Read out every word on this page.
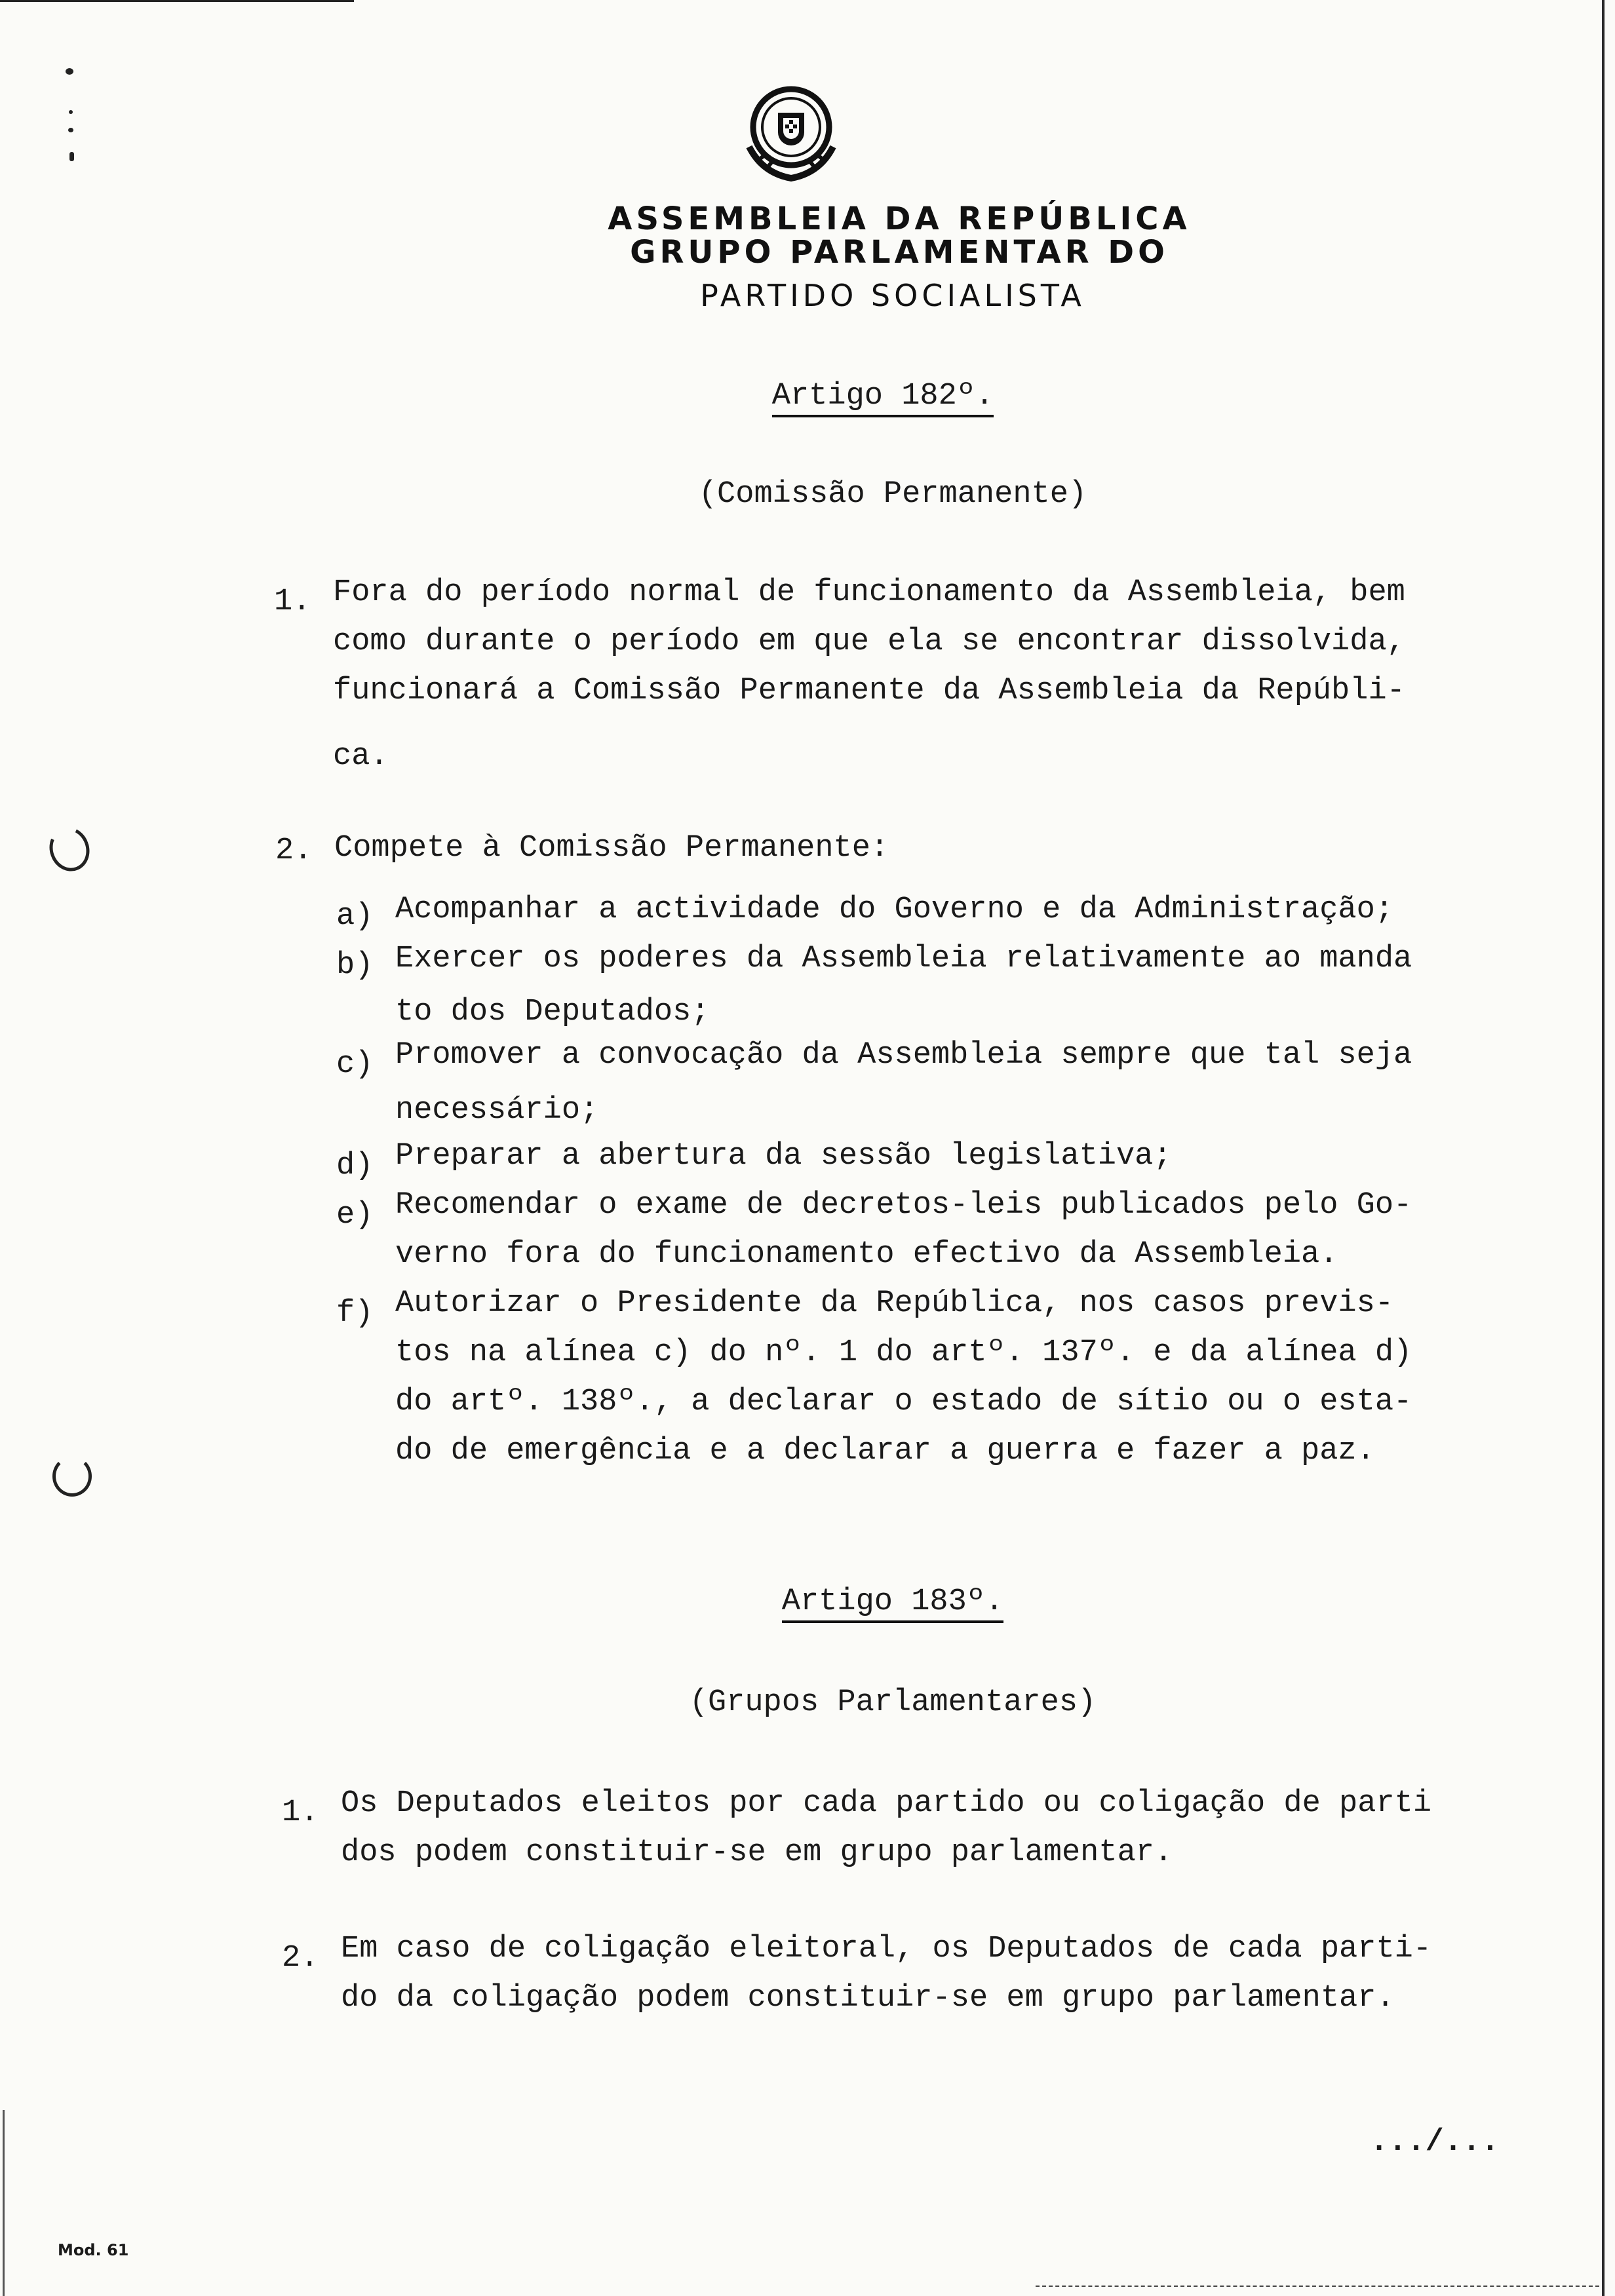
ASSEMBLEIA DA REPÚBLICA
GRUPO PARLAMENTAR DO
PARTIDO SOCIALISTA
Artigo 182º.
(Comissão Permanente)
1. Fora do período normal de funcionamento da Assembleia, bem
como durante o período em que ela se encontrar dissolvida,
funcionará a Comissão Permanente da Assembleia da Repúbli-
ca.
2. Compete à Comissão Permanente:
a) Acompanhar a actividade do Governo e da Administração;
b) Exercer os poderes da Assembleia relativamente ao manda
to dos Deputados;
c) Promover a convocação da Assembleia sempre que tal seja
necessário;
d) Preparar a abertura da sessão legislativa;
e) Recomendar o exame de decretos-leis publicados pelo Go-
verno fora do funcionamento efectivo da Assembleia.
f) Autorizar o Presidente da República, nos casos previs-
tos na alínea c) do nº. 1 do artº. 137º. e da alínea d)
do artº. 138º., a declarar o estado de sítio ou o esta-
do de emergência e a declarar a guerra e fazer a paz.
Artigo 183º.
(Grupos Parlamentares)
1. Os Deputados eleitos por cada partido ou coligação de parti
dos podem constituir-se em grupo parlamentar.
2. Em caso de coligação eleitoral, os Deputados de cada parti-
do da coligação podem constituir-se em grupo parlamentar.
.../...
Mod. 61
